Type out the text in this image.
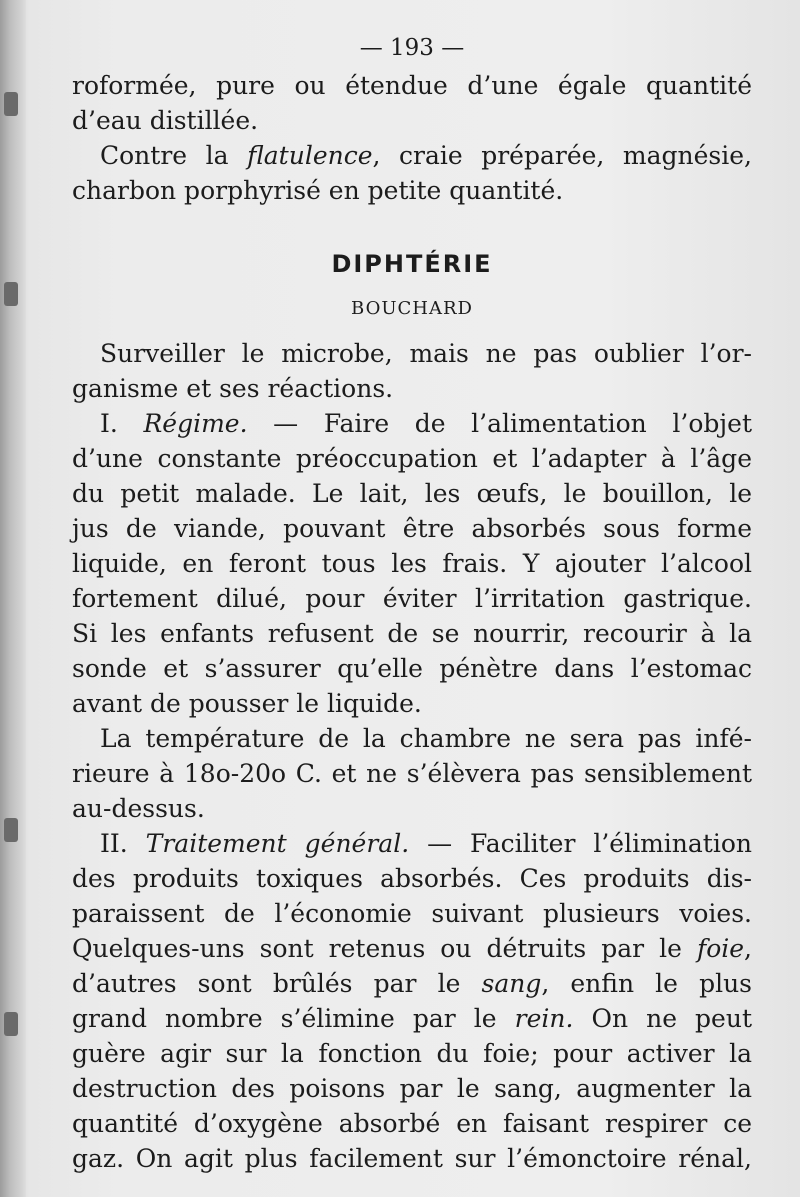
— 193 —
roformée, pure ou étendue d’une égale quantité
d’eau distillée.
Contre la flatulence, craie préparée, magnésie,
charbon porphyrisé en petite quantité.
DIPHTÉRIE
BOUCHARD
Surveiller le microbe, mais ne pas oublier l’or-
ganisme et ses réactions.
I. Régime. — Faire de l’alimentation l’objet
d’une constante préoccupation et l’adapter à l’âge
du petit malade. Le lait, les œufs, le bouillon, le
jus de viande, pouvant être absorbés sous forme
liquide, en feront tous les frais. Y ajouter l’alcool
fortement dilué, pour éviter l’irritation gastrique.
Si les enfants refusent de se nourrir, recourir à la
sonde et s’assurer qu’elle pénètre dans l’estomac
avant de pousser le liquide.
La température de la chambre ne sera pas infé-
rieure à 18o-20o C. et ne s’élèvera pas sensiblement
au-dessus.
II. Traitement général. — Faciliter l’élimination
des produits toxiques absorbés. Ces produits dis-
paraissent de l’économie suivant plusieurs voies.
Quelques-uns sont retenus ou détruits par le foie,
d’autres sont brûlés par le sang, enfin le plus
grand nombre s’élimine par le rein. On ne peut
guère agir sur la fonction du foie; pour activer la
destruction des poisons par le sang, augmenter la
quantité d’oxygène absorbé en faisant respirer ce
gaz. On agit plus facilement sur l’émonctoire rénal,
